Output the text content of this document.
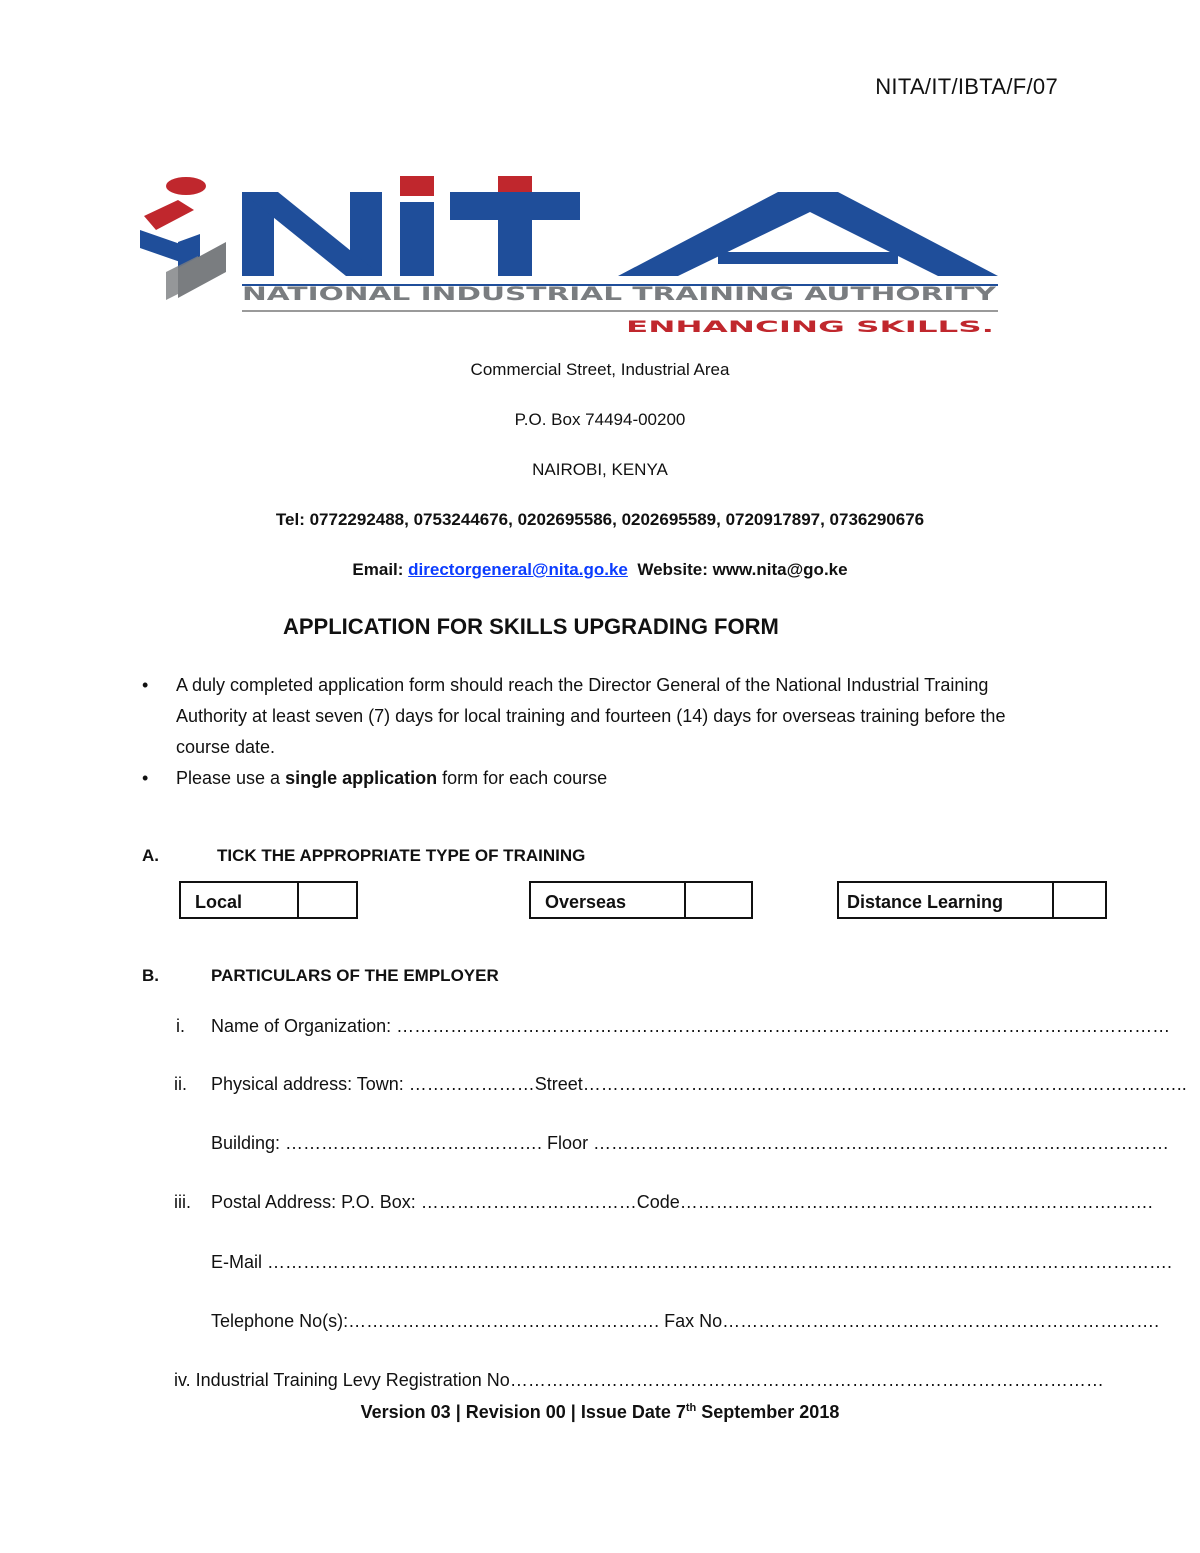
NITA/IT/IBTA/F/07
NATIONAL INDUSTRIAL TRAINING AUTHORITY
ENHANCING SKILLS.
Commercial Street, Industrial Area
P.O. Box 74494-00200
NAIROBI, KENYA
Tel: 0772292488, 0753244676, 0202695586, 0202695589, 0720917897, 0736290676
Email: directorgeneral@nita.go.ke Website: www.nita@go.ke
APPLICATION FOR SKILLS UPGRADING FORM
• A duly completed application form should reach the Director General of the National Industrial Training Authority at least seven (7) days for local training and fourteen (14) days for overseas training before the course date.
• Please use a single application form for each course
A.	TICK THE APPROPRIATE TYPE OF TRAINING
Local	Overseas	Distance Learning
B.	PARTICULARS OF THE EMPLOYER
i. Name of Organization: …………………………………………………………………………………………………………………
ii. Physical address: Town: …………………Street………………………………………………………………………………………..
Building: ……………………………………. Floor ……………………………………………………………………………………
iii. Postal Address: P.O. Box: ………………………………Code…………………………………………………………………….
E-Mail …………………………………………………………………………………………………………………………………….
Telephone No(s):……………………………………………. Fax No……………………………………………………………….
iv. Industrial Training Levy Registration No………………………………………………………………………………………
Version 03 | Revision 00 | Issue Date 7th September 2018
